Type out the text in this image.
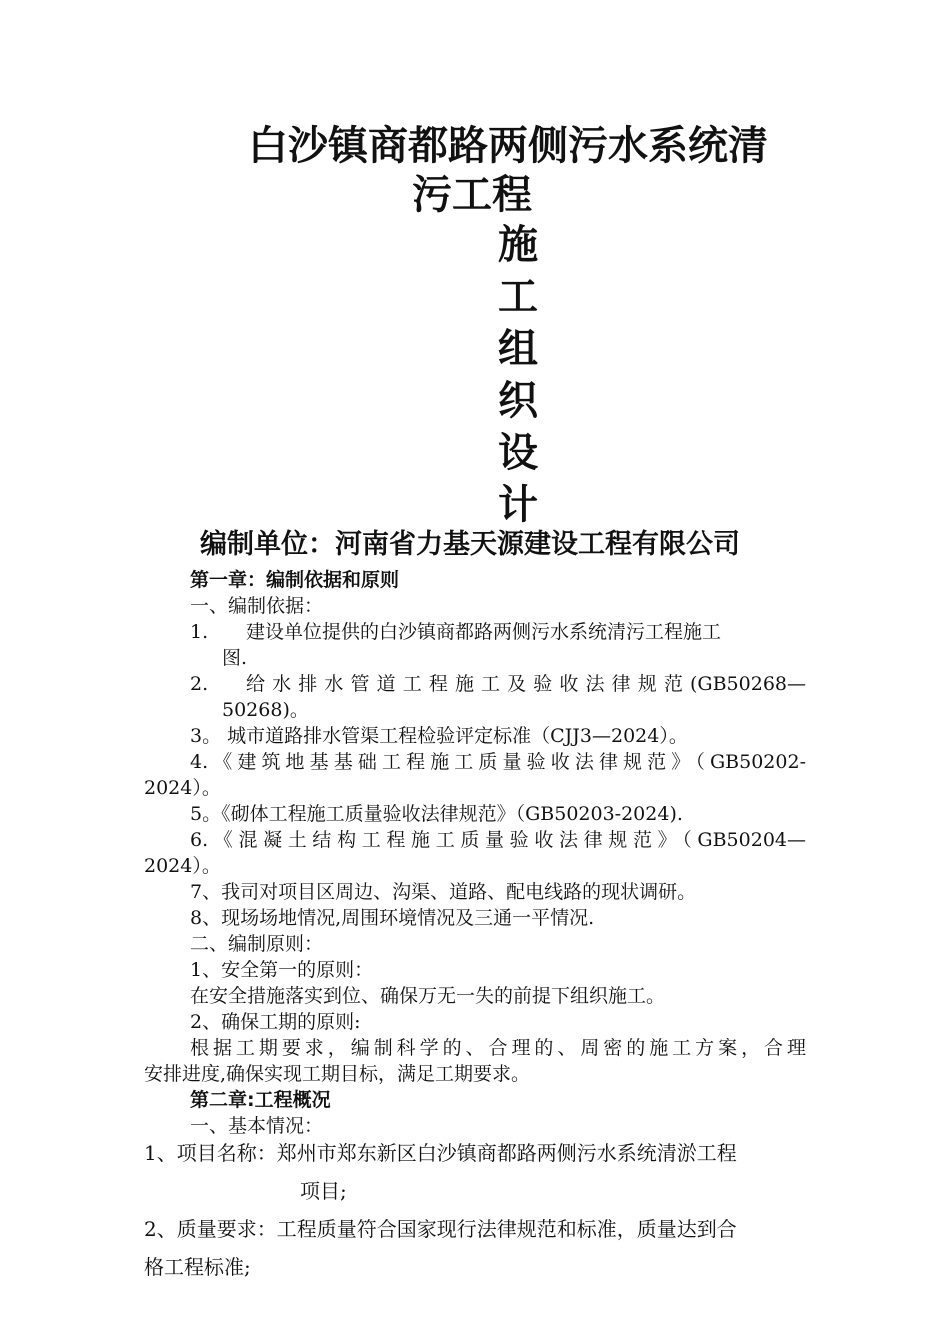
白沙镇商都路两侧污水系统清
污工程
施
工
组
织
设
计
编制单位：河南省力基天源建设工程有限公司
第一章：编制依据和原则
一、编制依据：
1. 建设单位提供的白沙镇商都路两侧污水系统清污工程施工
图.
2. 给水排水管道工程施工及验收法律规范(GB50268—
50268)。
3。 城市道路排水管渠工程检验评定标准（CJJ3—2024）。
4.《建筑地基基础工程施工质量验收法律规范》（GB50202-
2024）。
5。《砌体工程施工质量验收法律规范》（GB50203-2024).
6.《混凝土结构工程施工质量验收法律规范》（GB50204—
2024）。
7、我司对项目区周边、沟渠、道路、配电线路的现状调研。
8、现场场地情况,周围环境情况及三通一平情况.
二、编制原则：
1、安全第一的原则：
在安全措施落实到位、确保万无一失的前提下组织施工。
2、确保工期的原则:
根据工期要求，编制科学的、合理的、周密的施工方案，合理
安排进度,确保实现工期目标，满足工期要求。
第二章:工程概况
一、基本情况：
1、项目名称：郑州市郑东新区白沙镇商都路两侧污水系统清淤工程
项目;
2、质量要求：工程质量符合国家现行法律规范和标准，质量达到合
格工程标准;
